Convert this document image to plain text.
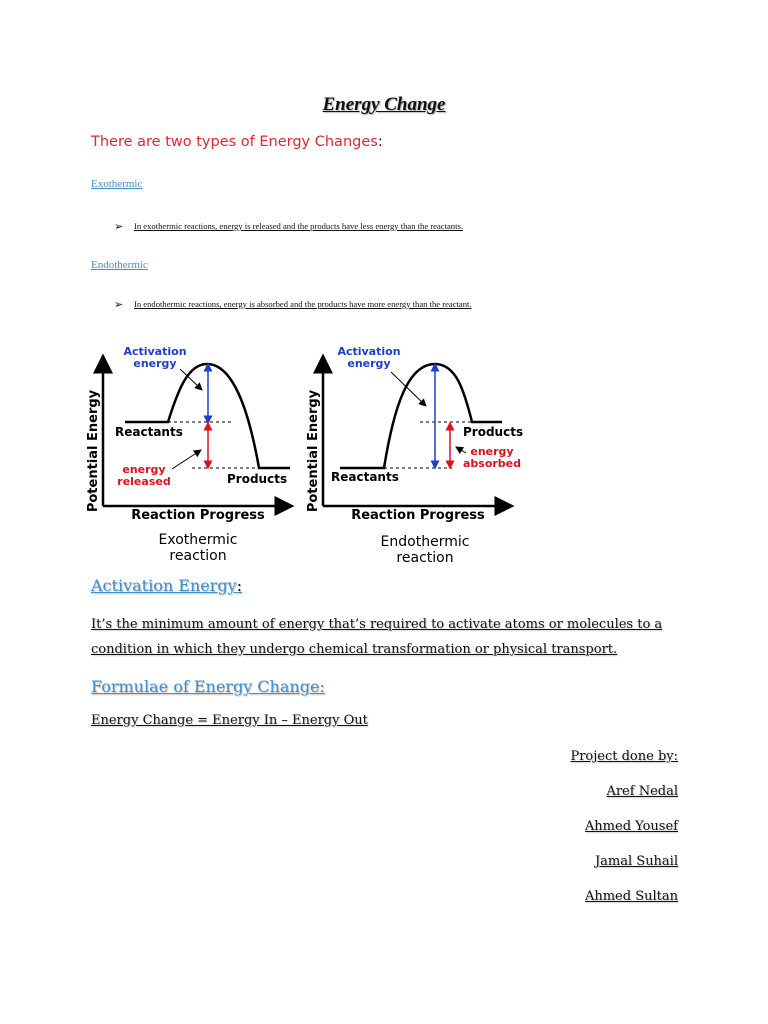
Energy Change
There are two types of Energy Changes:
Exothermic
➢ In exothermic reactions, energy is released and the products have less energy than the reactants.
Endothermic
➢ In endothermic reactions, energy is absorbed and the products have more energy than the reactant.
Potential Energy
Activation
energy
Reactants
energy
released	Products
Reaction Progress
Exothermic
reaction
Potential Energy
Activation
energy
Products
energy
absorbed
Reactants
Reaction Progress
Endothermic
reaction
Activation Energy:
It’s the minimum amount of energy that’s required to activate atoms or molecules to a condition in which they undergo chemical transformation or physical transport.
Formulae of Energy Change:
Energy Change = Energy In – Energy Out
Project done by:
Aref Nedal
Ahmed Yousef
Jamal Suhail
Ahmed Sultan
